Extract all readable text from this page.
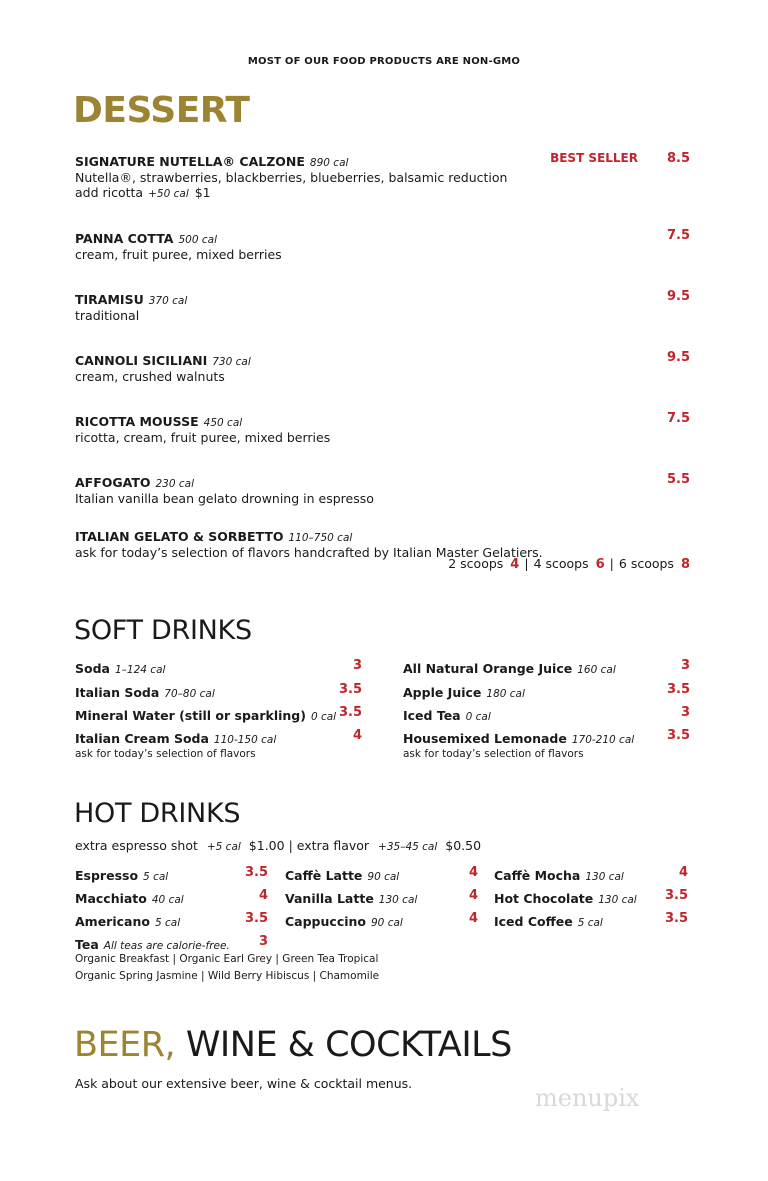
MOST OF OUR FOOD PRODUCTS ARE NON-GMO
DESSERT
SIGNATURE NUTELLA® CALZONE 890 cal	8.5
BEST SELLER
Nutella®, strawberries, blackberries, blueberries, balsamic reduction
add ricotta +50 cal $1
PANNA COTTA 500 cal	7.5
cream, fruit puree, mixed berries
TIRAMISU 370 cal	9.5
traditional
CANNOLI SICILIANI 730 cal	9.5
cream, crushed walnuts
RICOTTA MOUSSE 450 cal	7.5
ricotta, cream, fruit puree, mixed berries
AFFOGATO 230 cal	5.5
Italian vanilla bean gelato drowning in espresso
ITALIAN GELATO & SORBETTO 110–750 cal
ask for today’s selection of flavors handcrafted by Italian Master Gelatiers.
2 scoops 4 | 4 scoops 6 | 6 scoops 8
SOFT DRINKS
Soda 1–124 cal	3
Italian Soda 70–80 cal	3.5
Mineral Water (still or sparkling) 0 cal 3.5
Italian Cream Soda 110-150 cal	4
ask for today’s selection of flavors
All Natural Orange Juice 160 cal	3
Apple Juice 180 cal	3.5
Iced Tea 0 cal	3
Housemixed Lemonade 170-210 cal	3.5
ask for today’s selection of flavors
HOT DRINKS
extra espresso shot +5 cal $1.00 | extra flavor +35–45 cal $0.50
Espresso 5 cal	3.5
Macchiato 40 cal	4
Americano 5 cal	3.5
Caffè Latte 90 cal	4
Vanilla Latte 130 cal	4
Cappuccino 90 cal	4
Caffè Mocha 130 cal	4
Hot Chocolate 130 cal 3.5
Iced Coffee 5 cal	3.5
Tea All teas are calorie-free. 3
Organic Breakfast | Organic Earl Grey | Green Tea Tropical
Organic Spring Jasmine | Wild Berry Hibiscus | Chamomile
BEER, WINE & COCKTAILS
Ask about our extensive beer, wine & cocktail menus.
menupix
